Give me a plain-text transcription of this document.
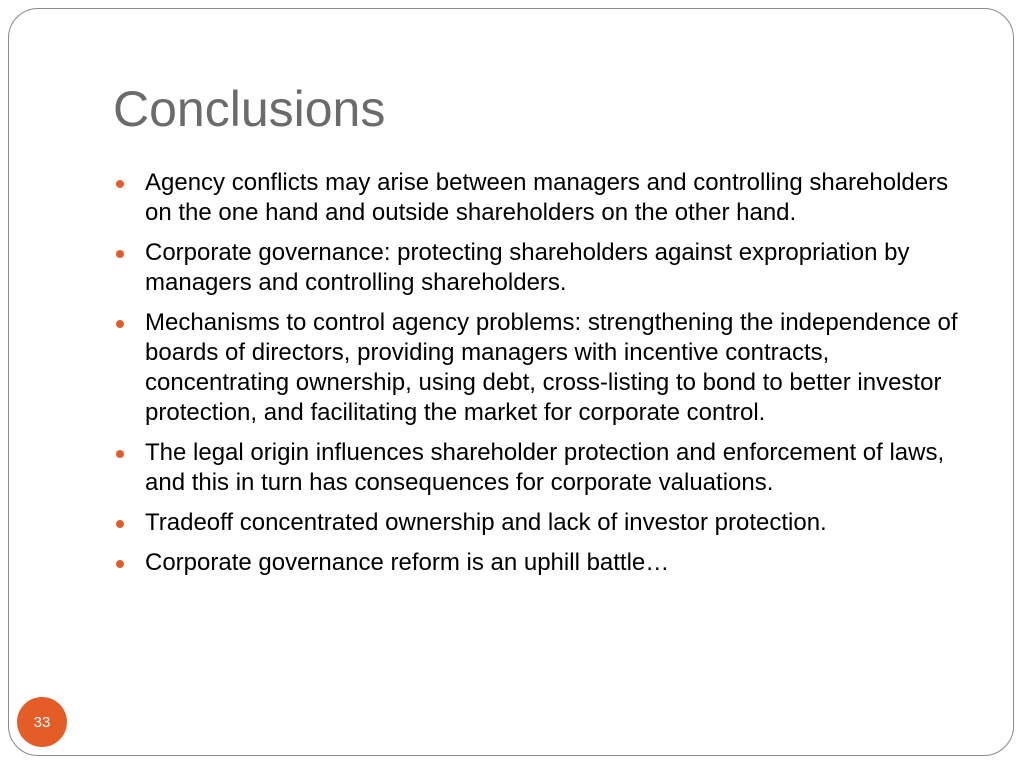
Conclusions
Agency conflicts may arise between managers and controlling shareholders on the one hand and outside shareholders on the other hand.
Corporate governance: protecting shareholders against expropriation by managers and controlling shareholders.
Mechanisms to control agency problems: strengthening the independence of boards of directors, providing managers with incentive contracts, concentrating ownership, using debt, cross-listing to bond to better investor protection, and facilitating the market for corporate control.
The legal origin influences shareholder protection and enforcement of laws, and this in turn has consequences for corporate valuations.
Tradeoff concentrated ownership and lack of investor protection.
Corporate governance reform is an uphill battle…
33
